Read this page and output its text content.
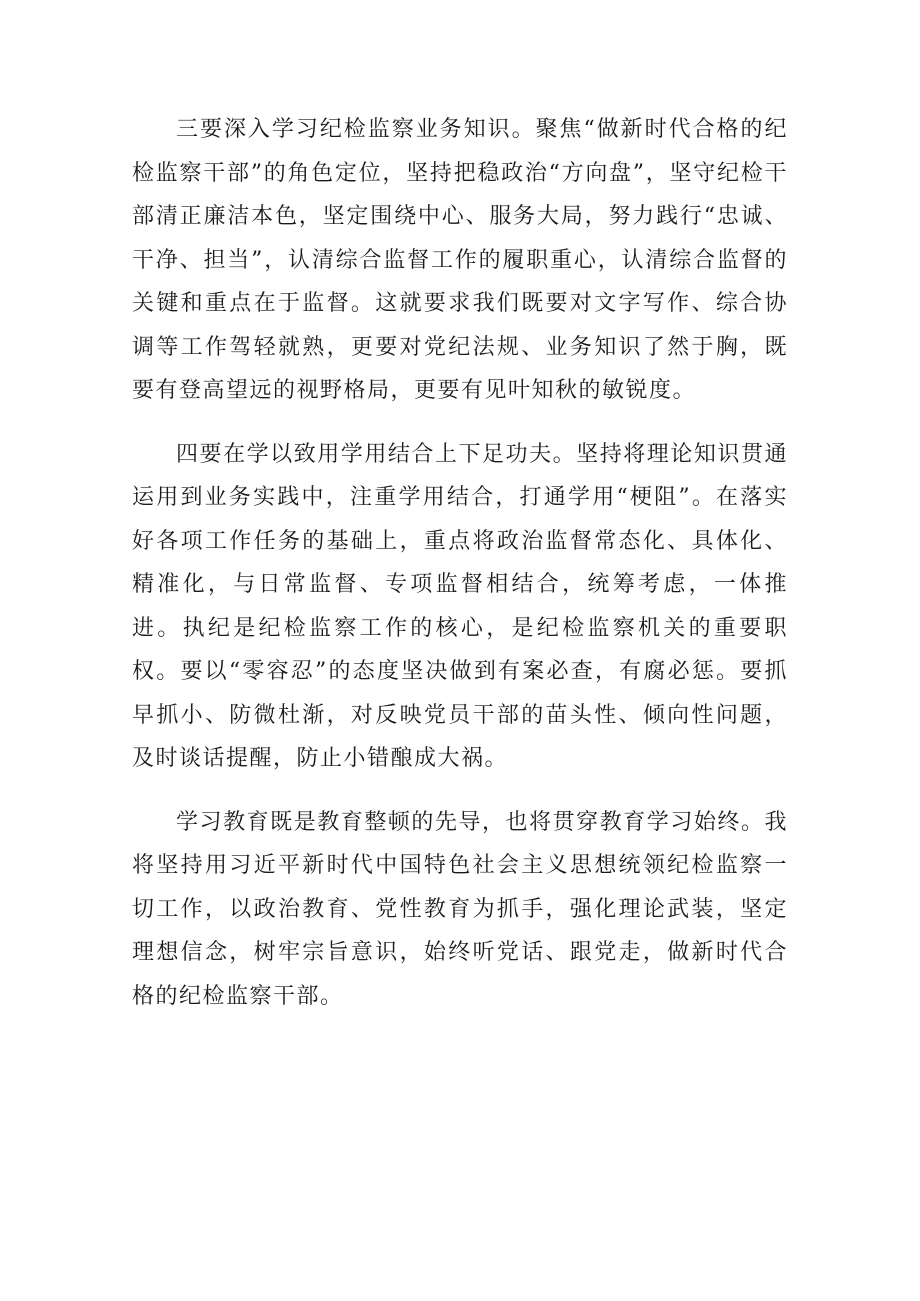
三要深入学习纪检监察业务知识。聚焦“做新时代合格的纪检监察干部”的角色定位，坚持把稳政治“方向盘”，坚守纪检干部清正廉洁本色，坚定围绕中心、服务大局，努力践行“忠诚、干净、担当”，认清综合监督工作的履职重心，认清综合监督的关键和重点在于监督。这就要求我们既要对文字写作、综合协调等工作驾轻就熟，更要对党纪法规、业务知识了然于胸，既要有登高望远的视野格局，更要有见叶知秋的敏锐度。

四要在学以致用学用结合上下足功夫。坚持将理论知识贯通运用到业务实践中，注重学用结合，打通学用“梗阻”。在落实好各项工作任务的基础上，重点将政治监督常态化、具体化、精准化，与日常监督、专项监督相结合，统筹考虑，一体推进。执纪是纪检监察工作的核心，是纪检监察机关的重要职权。要以“零容忍”的态度坚决做到有案必查，有腐必惩。要抓早抓小、防微杜渐，对反映党员干部的苗头性、倾向性问题，及时谈话提醒，防止小错酿成大祸。

学习教育既是教育整顿的先导，也将贯穿教育学习始终。我将坚持用习近平新时代中国特色社会主义思想统领纪检监察一切工作，以政治教育、党性教育为抓手，强化理论武装，坚定理想信念，树牢宗旨意识，始终听党话、跟党走，做新时代合格的纪检监察干部。
